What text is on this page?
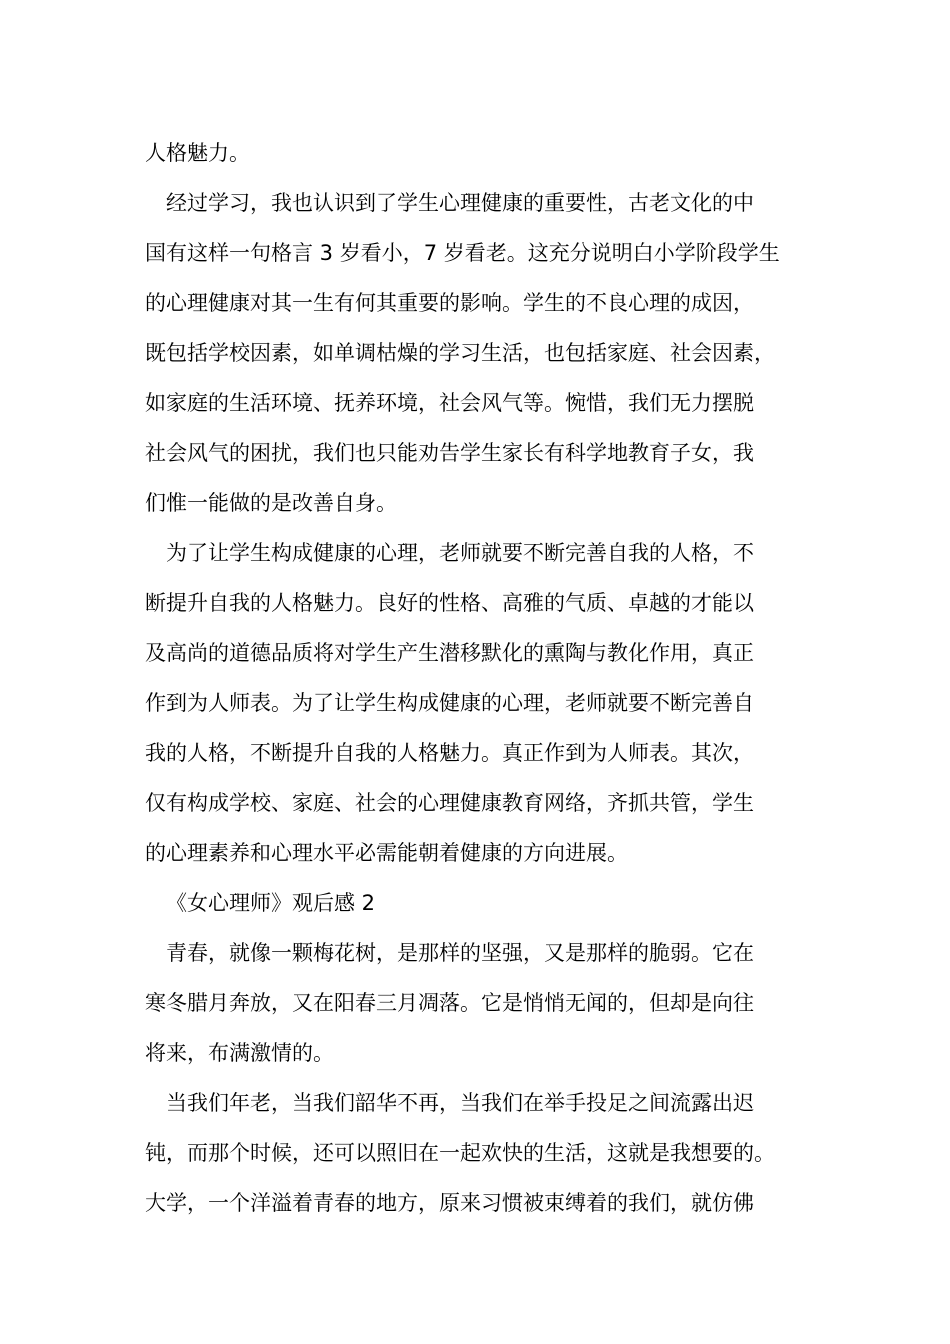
人格魅力。
经过学习，我也认识到了学生心理健康的重要性，古老文化的中
国有这样一句格言 3 岁看小，7 岁看老。这充分说明白小学阶段学生
的心理健康对其一生有何其重要的影响。学生的不良心理的成因，
既包括学校因素，如单调枯燥的学习生活，也包括家庭、社会因素，
如家庭的生活环境、抚养环境，社会风气等。惋惜，我们无力摆脱
社会风气的困扰，我们也只能劝告学生家长有科学地教育子女，我
们惟一能做的是改善自身。
为了让学生构成健康的心理，老师就要不断完善自我的人格，不
断提升自我的人格魅力。良好的性格、高雅的气质、卓越的才能以
及高尚的道德品质将对学生产生潜移默化的熏陶与教化作用，真正
作到为人师表。为了让学生构成健康的心理，老师就要不断完善自
我的人格，不断提升自我的人格魅力。真正作到为人师表。其次，
仅有构成学校、家庭、社会的心理健康教育网络，齐抓共管，学生
的心理素养和心理水平必需能朝着健康的方向进展。
《女心理师》观后感 2
青春，就像一颗梅花树，是那样的坚强，又是那样的脆弱。它在
寒冬腊月奔放，又在阳春三月凋落。它是悄悄无闻的，但却是向往
将来，布满激情的。
当我们年老，当我们韶华不再，当我们在举手投足之间流露出迟
钝，而那个时候，还可以照旧在一起欢快的生活，这就是我想要的。
大学，一个洋溢着青春的地方，原来习惯被束缚着的我们，就仿佛
